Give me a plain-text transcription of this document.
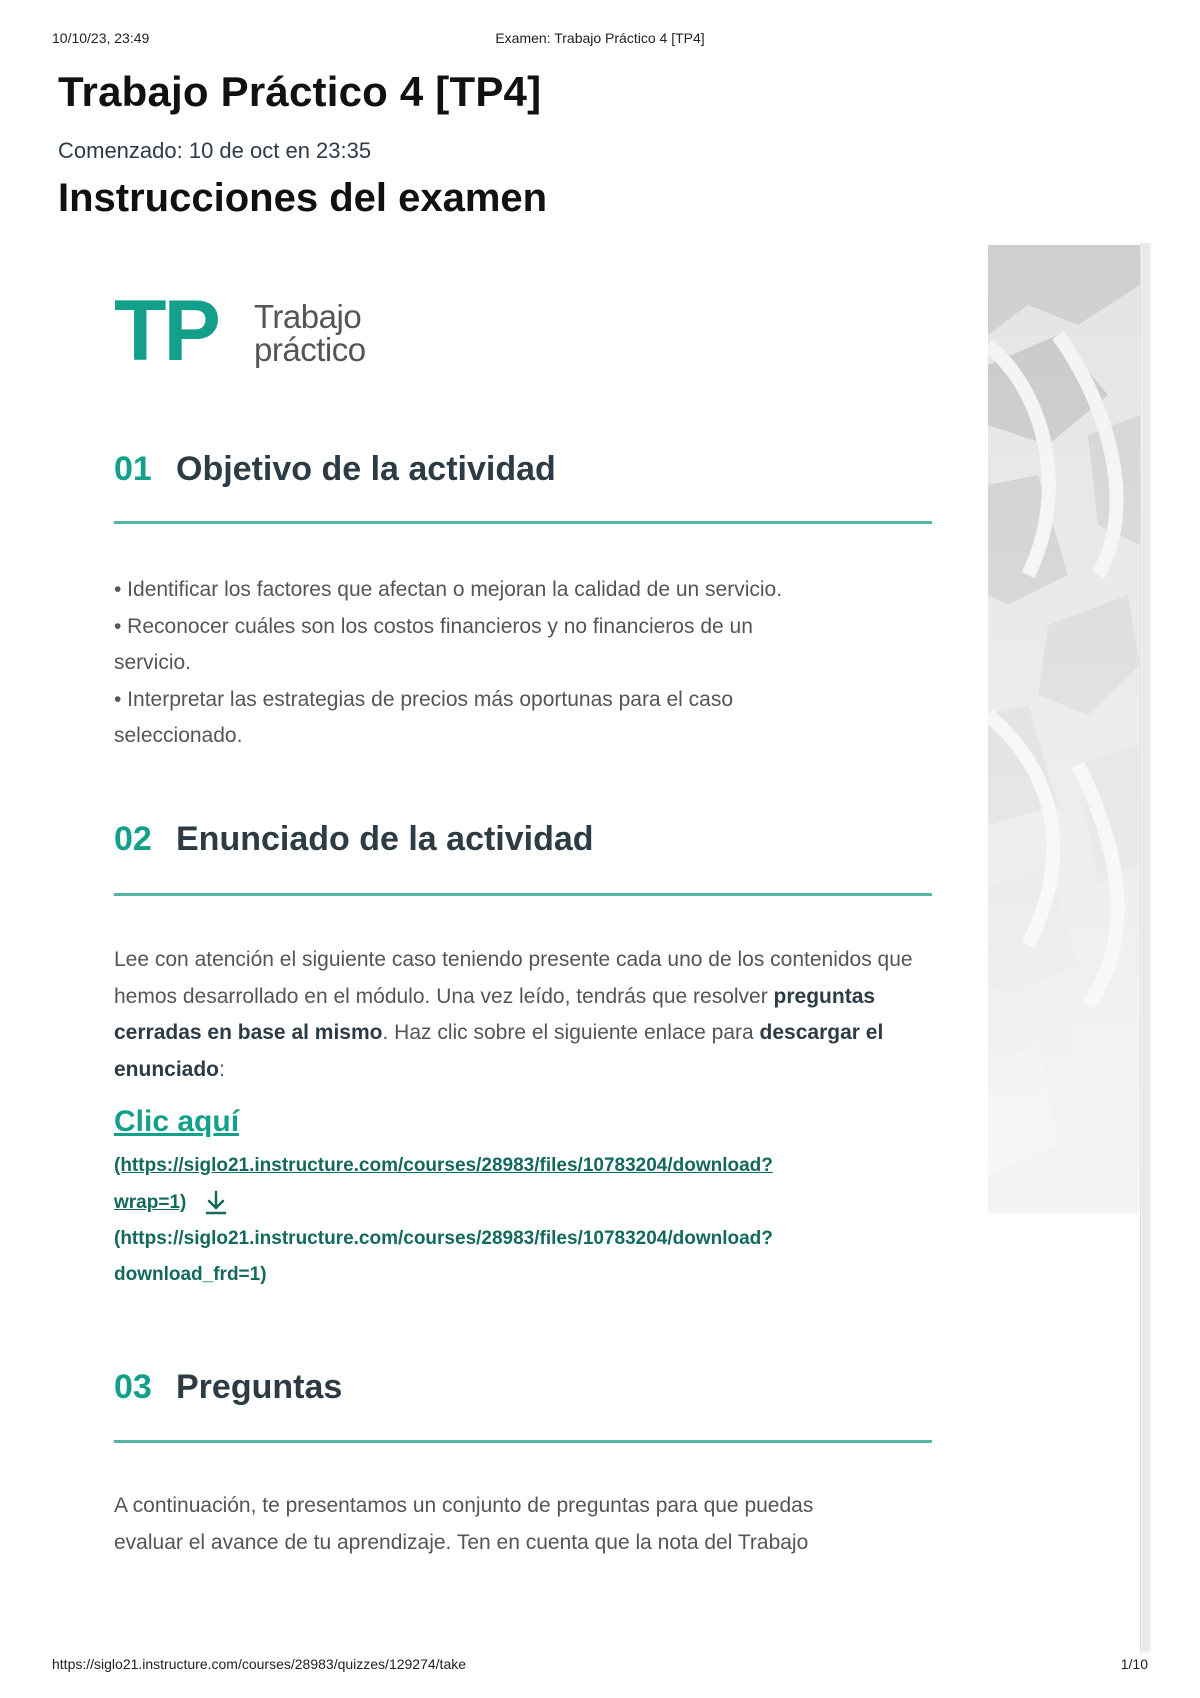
10/10/23, 23:49	Examen: Trabajo Práctico 4 [TP4]
Trabajo Práctico 4 [TP4]
Comenzado: 10 de oct en 23:35
Instrucciones del examen
TP Trabajo
práctico
01 Objetivo de la actividad

• Identificar los factores que afectan o mejoran la calidad de un servicio.

• Reconocer cuáles son los costos financieros y no financieros de un

servicio.

• Interpretar las estrategias de precios más oportunas para el caso

seleccionado.

02 Enunciado de la actividad
Lee con atención el siguiente caso teniendo presente cada uno de los contenidos que hemos desarrollado en el módulo. Una vez leído, tendrás que resolver preguntas cerradas en base al mismo. Haz clic sobre el siguiente enlace para descargar el enunciado:
Clic aquí
(https://siglo21.instructure.com/courses/28983/files/10783204/download?
wrap=1)
(https://siglo21.instructure.com/courses/28983/files/10783204/download?
download_frd=1)
03 Preguntas

A continuación, te presentamos un conjunto de preguntas para que puedas

evaluar el avance de tu aprendizaje. Ten en cuenta que la nota del Trabajo

https://siglo21.instructure.com/courses/28983/quizzes/129274/take	1/10
